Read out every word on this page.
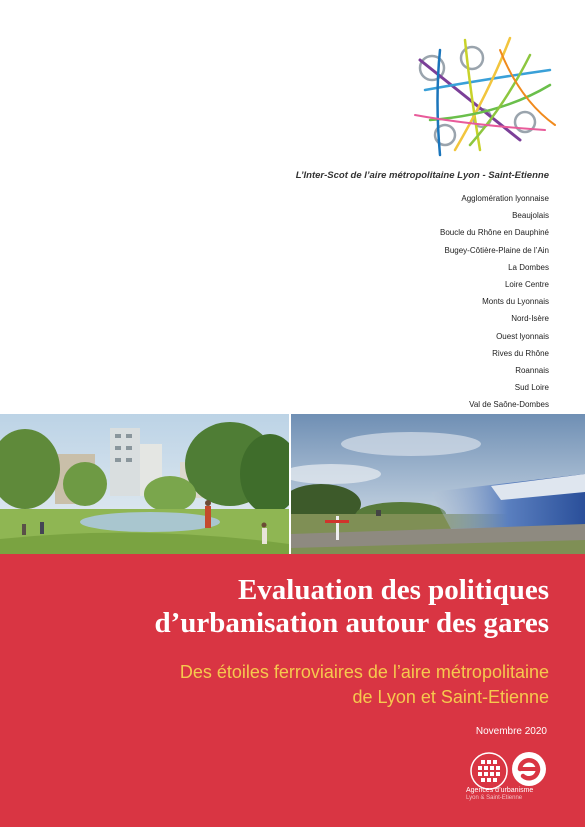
L’Inter-Scot de l’aire métropolitaine Lyon - Saint-Etienne
Agglomération lyonnaise
Beaujolais
Boucle du Rhône en Dauphiné
Bugey-Côtière-Plaine de l’Ain
La Dombes
Loire Centre
Monts du Lyonnais
Nord-Isère
Ouest lyonnais
Rives du Rhône
Roannais
Sud Loire
Val de Saône-Dombes
Evaluation des politiques
d’urbanisation autour des gares
Des étoiles ferroviaires de l’aire métropolitaine
de Lyon et Saint-Etienne
Novembre 2020
Agences d’urbanisme
Lyon & Saint-Etienne
